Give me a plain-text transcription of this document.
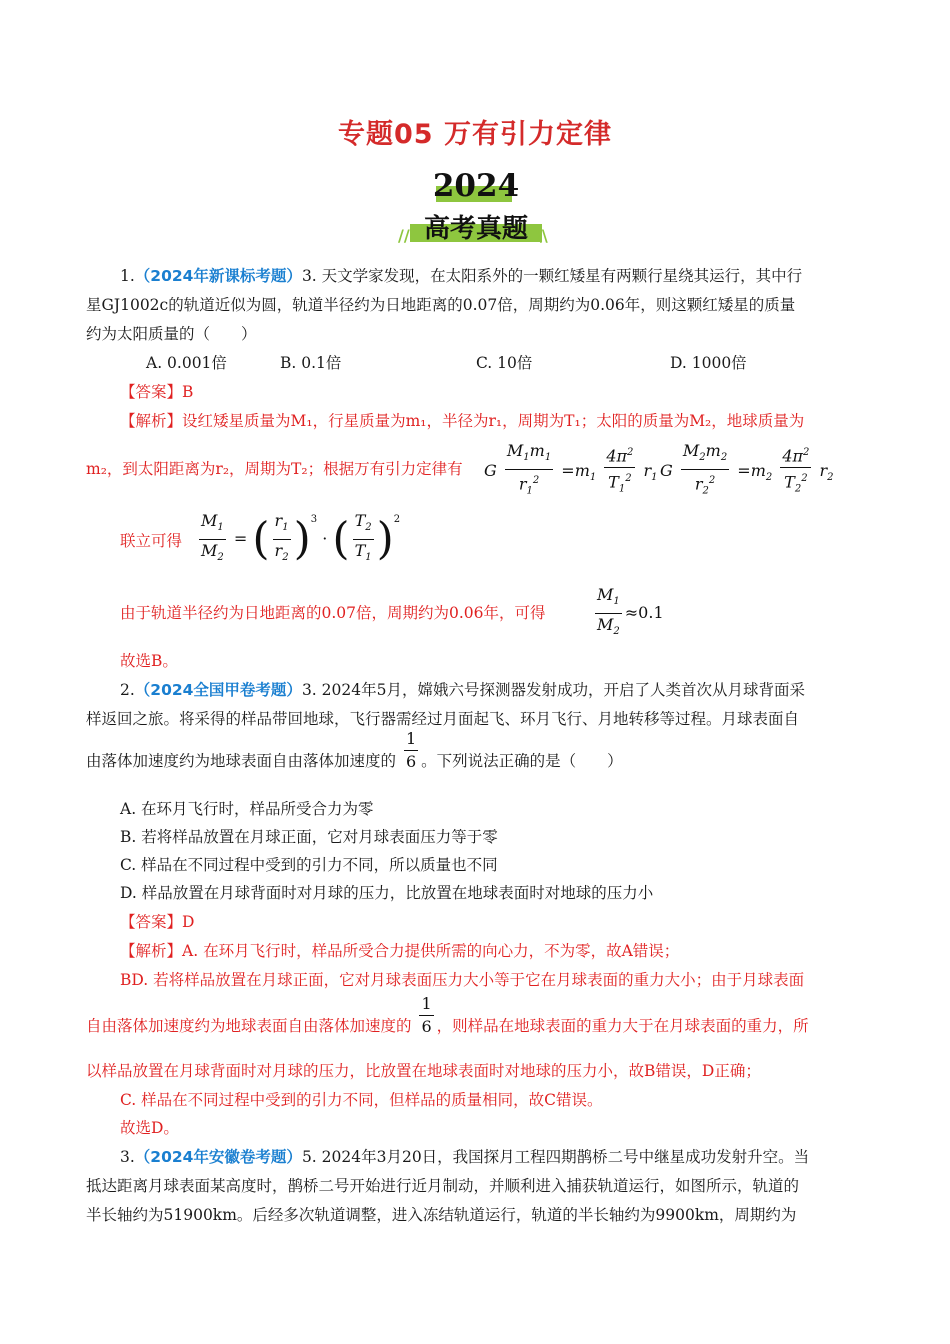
专题05 万有引力定律
2024
//	\\
高考真题
1.（2024年新课标考题）3. 天文学家发现，在太阳系外的一颗红矮星有两颗行星绕其运行，其中行
星GJ1002c的轨道近似为圆，轨道半径约为日地距离的0.07倍，周期约为0.06年，则这颗红矮星的质量
约为太阳质量的（　　）
A. 0.001倍	B. 0.1倍	C. 10倍	D. 1000倍
【答案】B
【解析】设红矮星质量为M₁，行星质量为m₁，半径为r₁，周期为T₁；太阳的质量为M₂，地球质量为
m₂，到太阳距离为r₂，周期为T₂；根据万有引力定律有	G $\frac{M_1m_1}{r_1^2} =m_1 \frac{4\pi^2}{T_1^2} r_1$ G $\frac{M_2m_2}{r_2^2} =m_2 \frac{4\pi^2}{T_2^2} r_2$
联立可得	$\frac{M_1}{M_2}$ = ( $\frac{r_1}{r_2} )^3$ · ( $\frac{T_2}{T_1} )^2$
由于轨道半径约为日地距离的0.07倍，周期约为0.06年，可得	$\frac{M_1}{M_2} \approx 0.1$
故选B。
2.（2024全国甲卷考题）3. 2024年5月，嫦娥六号探测器发射成功，开启了人类首次从月球背面采
样返回之旅。将采得的样品带回地球，飞行器需经过月面起飞、环月飞行、月地转移等过程。月球表面自
由落体加速度约为地球表面自由落体加速度的 $\frac{1}{6}$ 。下列说法正确的是（　　）
A. 在环月飞行时，样品所受合力为零
B. 若将样品放置在月球正面，它对月球表面压力等于零
C. 样品在不同过程中受到的引力不同，所以质量也不同
D. 样品放置在月球背面时对月球的压力，比放置在地球表面时对地球的压力小
【答案】D
【解析】A. 在环月飞行时，样品所受合力提供所需的向心力，不为零，故A错误；
BD. 若将样品放置在月球正面，它对月球表面压力大小等于它在月球表面的重力大小；由于月球表面
自由落体加速度约为地球表面自由落体加速度的 $\frac{1}{6}$ ，则样品在地球表面的重力大于在月球表面的重力，所
以样品放置在月球背面时对月球的压力，比放置在地球表面时对地球的压力小，故B错误，D正确；
C. 样品在不同过程中受到的引力不同，但样品的质量相同，故C错误。
故选D。
3.（2024年安徽卷考题）5. 2024年3月20日，我国探月工程四期鹊桥二号中继星成功发射升空。当
抵达距离月球表面某高度时，鹊桥二号开始进行近月制动，并顺利进入捕获轨道运行，如图所示，轨道的
半长轴约为51900km。后经多次轨道调整，进入冻结轨道运行，轨道的半长轴约为9900km，周期约为
